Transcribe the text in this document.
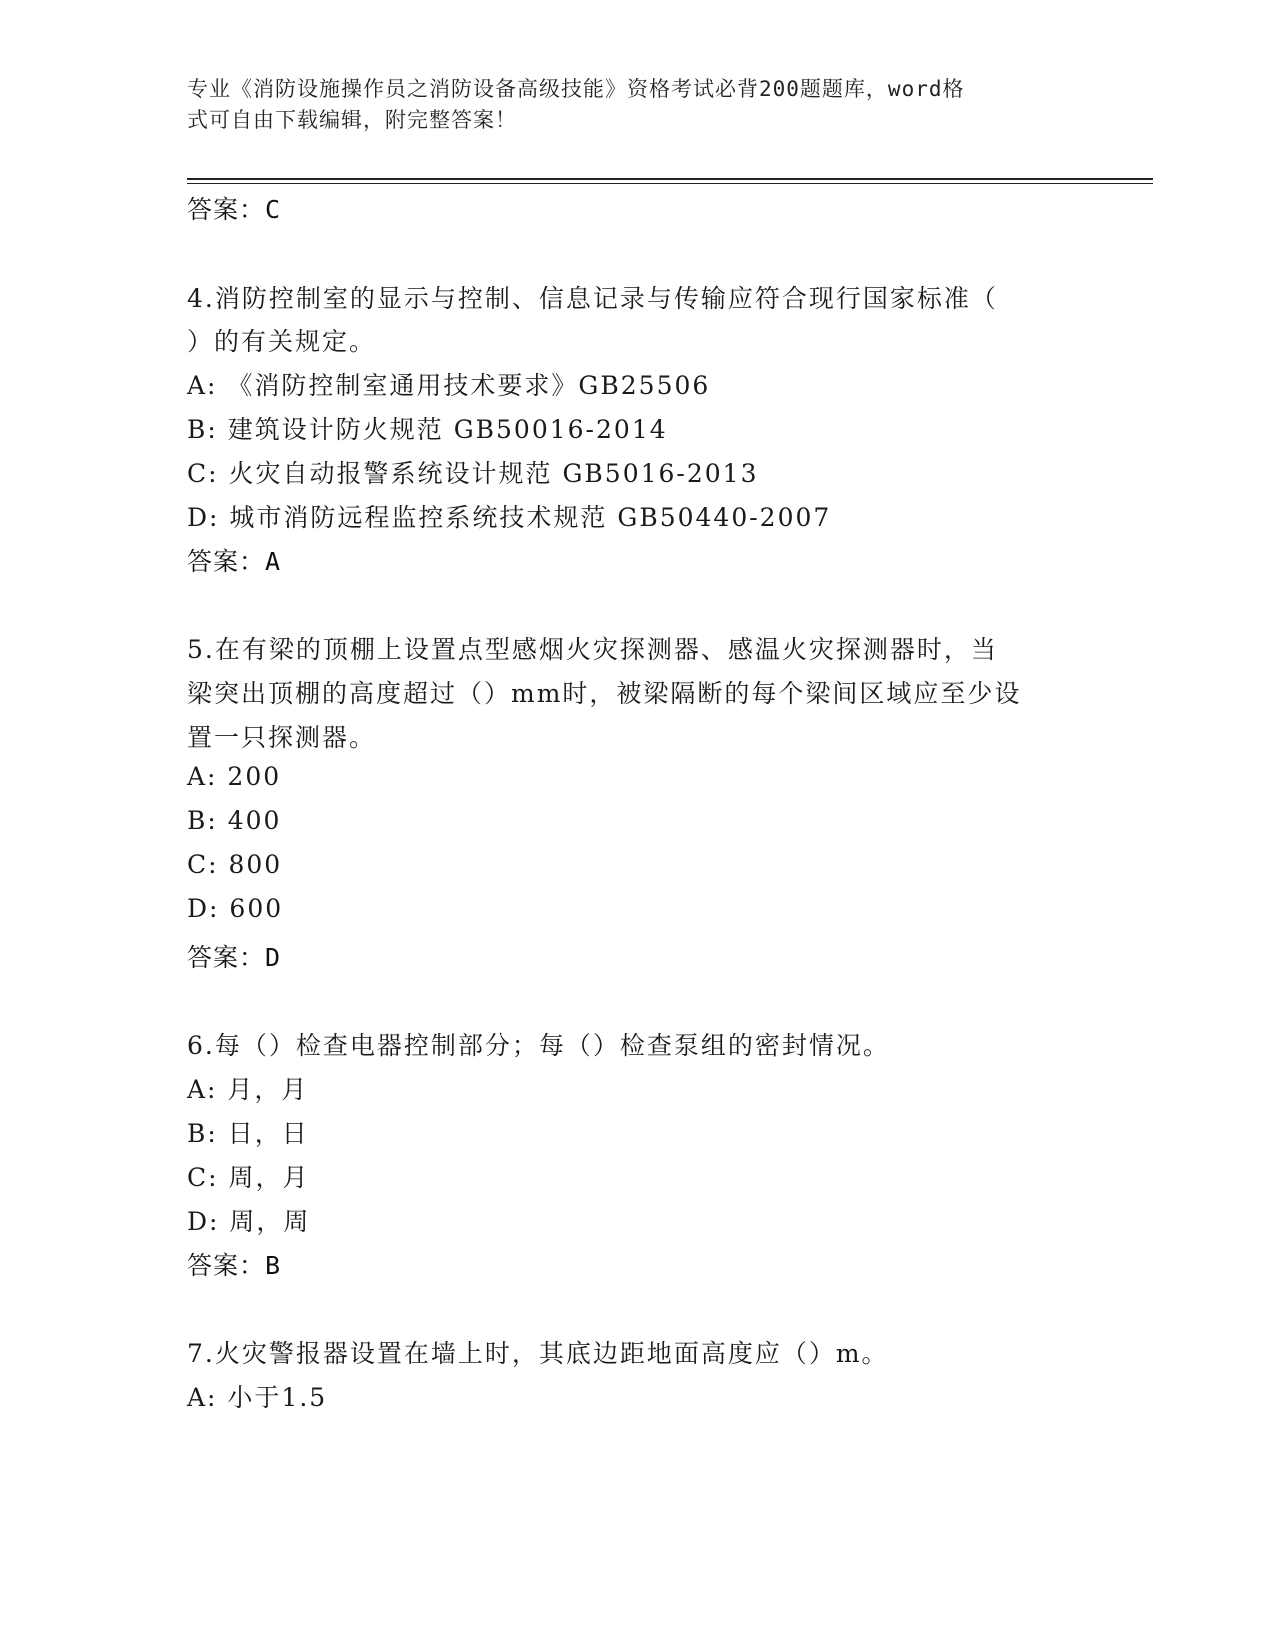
专业《消防设施操作员之消防设备高级技能》资格考试必背200题题库，word格
式可自由下载编辑，附完整答案！
答案：C
4.消防控制室的显示与控制、信息记录与传输应符合现行国家标准（
）的有关规定。
A: 《消防控制室通用技术要求》GB25506
B: 建筑设计防火规范 GB50016-2014
C: 火灾自动报警系统设计规范 GB5016-2013
D: 城市消防远程监控系统技术规范 GB50440-2007
答案：A
5.在有梁的顶棚上设置点型感烟火灾探测器、感温火灾探测器时，当
梁突出顶棚的高度超过（）mm时，被梁隔断的每个梁间区域应至少设
置一只探测器。
A: 200
B: 400
C: 800
D: 600
答案：D
6.每（）检查电器控制部分；每（）检查泵组的密封情况。
A: 月，月
B: 日，日
C: 周，月
D: 周，周
答案：B
7.火灾警报器设置在墙上时，其底边距地面高度应（）m。
A: 小于1.5
